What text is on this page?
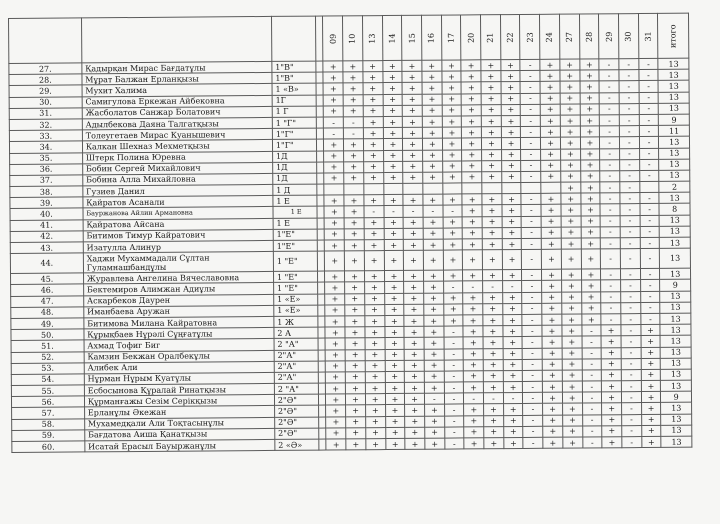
				09	10	13	14	15	16	17	20	21	22	23	24	27	28	29	30	31	итого
27.	Қадырқан Мирас Бағдатұлы	1"В"		+	+	+	+	+	+	+	+	+	+	-	+	+	+	-	-	-	13
28.	Мұрат Балжан Ерланқызы	1"В"		+	+	+	+	+	+	+	+	+	+	-	+	+	+	-	-	-	13
29.	Мухит Халима	1 «В»		+	+	+	+	+	+	+	+	+	+	-	+	+	+	-	-	-	13
30.	Самигулова Еркежан Айбековна	1Г		+	+	+	+	+	+	+	+	+	+	-	+	+	+	-	-	-	13
31.	Жасболатов Санжар Болатович	1 Г		+	+	+	+	+	+	+	+	+	+	-	+	+	+	-	-	-	13
32.	Адылбекова Даяна Талгатқызы	1 "Г"		-	-	+	+	+	+	+	+	+	+	-	+	+	+	-	-	-	9
33.	Толеугетаев Мирас Куанышевич	1"Г"		-	-	+	+	+	+	+	+	+	+	-	+	+	+	-	-	-	11
34.	Калкан Шехназ Мехметқызы	1"Г"		+	+	+	+	+	+	+	+	+	+	-	+	+	+	-	-	-	13
35.	Штерк Полина Юревна	1Д		+	+	+	+	+	+	+	+	+	+	-	+	+	+	-	-	-	13
36.	Бобин Сергей Михайлович	1Д		+	+	+	+	+	+	+	+	+	+	-	+	+	+	-	-	-	13
37.	Бобина Алла Михайловна	1Д		+	+	+	+	+	+	+	+	+	+	-	+	+	+	-	-	-	13
38.	Гузиев Данил	1 Д														+	+	-	-		2
39.	Қайратов Асанали	1 Е		+	+	+	+	+	+	+	+	+	+	-	+	+	+	-	-	-	13
40.	Бауржанова Айлин Армановна	1 Е		+	+	-	-	-	-	-	+	+	+	-	+	+	+	-	-	-	8
41.	Қайратова Айсана	1 Е		+	+	+	+	+	+	+	+	+	+	-	+	+	+	-	-	-	13
42.	Битимов Тимур Кайратович	1"Е"		+	+	+	+	+	+	+	+	+	+	-	+	+	+	-	-	-	13
43.	Изатулла Алинур	1"Е"		+	+	+	+	+	+	+	+	+	+	-	+	+	+	-	-	-	13
44.	Хаджи Мухаммадали Сұлтан Гуламнашбандұлы	1 "Е"		+	+	+	+	+	+	+	+	+	+	-	+	+	+	-	-	-	13
45.	Журавлева Ангелина Вячеславовна	1 "Е"		+	+	+	+	+	+	+	+	+	+	-	+	+	+	-	-	-	13
46.	Бектемиров Алимжан Адиұлы	1 "Е"		+	+	+	+	+	+	-	-	-	-	-	+	+	+	-	-	-	9
47.	Аскарбеков Даурен	1 «Е»		+	+	+	+	+	+	+	+	+	+	-	+	+	+	-	-	-	13
48.	Иманбаева Аружан	1 «Е»		+	+	+	+	+	+	+	+	+	+	-	+	+	+	-	-	-	13
49.	Битимова Милана Кайратовна	1 Ж		+	+	+	+	+	+	+	+	+	+	-	+	+	+	-	-	-	13
50.	Құрықбаев Нұрәлі Сұңғатұлы	2 А		+	+	+	+	+	+	-	+	+	+	-	+	+	-	+	-	+	13
51.	Ахмад Тофиг Биг	2 "А"		+	+	+	+	+	+	-	+	+	+	-	+	+	-	+	-	+	13
52.	Камзин Бекжан Оралбекұлы	2"А"		+	+	+	+	+	+	-	+	+	+	-	+	+	-	+	-	+	13
53.	Алибек Али	2"А"		+	+	+	+	+	+	-	+	+	+	-	+	+	-	+	-	+	13
54.	Нұрман Нұрым Куатұлы	2"А"		+	+	+	+	+	+	-	+	+	+	-	+	+	-	+	-	+	13
55.	Есбосынова Құралай Ринатқызы	2 "А"		+	+	+	+	+	+	-	+	+	+	-	+	+	-	+	-	+	13
56.	Құрманғажы Сезім Серікқызы	2"Ә"		+	+	+	+	+	-	-	-	-	-	-	+	+	-	+	-	+	9
57.	Ерланұлы Әкежан	2"Ә"		+	+	+	+	+	+	-	+	+	+	-	+	+	-	+	-	+	13
58.	Мухамедқали Али Тоқтасынұлы	2"Ә"		+	+	+	+	+	+	-	+	+	+	-	+	+	-	+	-	+	13
59.	Бағдатова Аиша Қанатқызы	2"Ә"		+	+	+	+	+	+	-	+	+	+	-	+	+	-	+	-	+	13
60.	Исатай Ерасыл Бауыржанұлы	2 «Ә»		+	+	+	+	+	+	-	+	+	+	-	+	+	-	+	-	+	13
